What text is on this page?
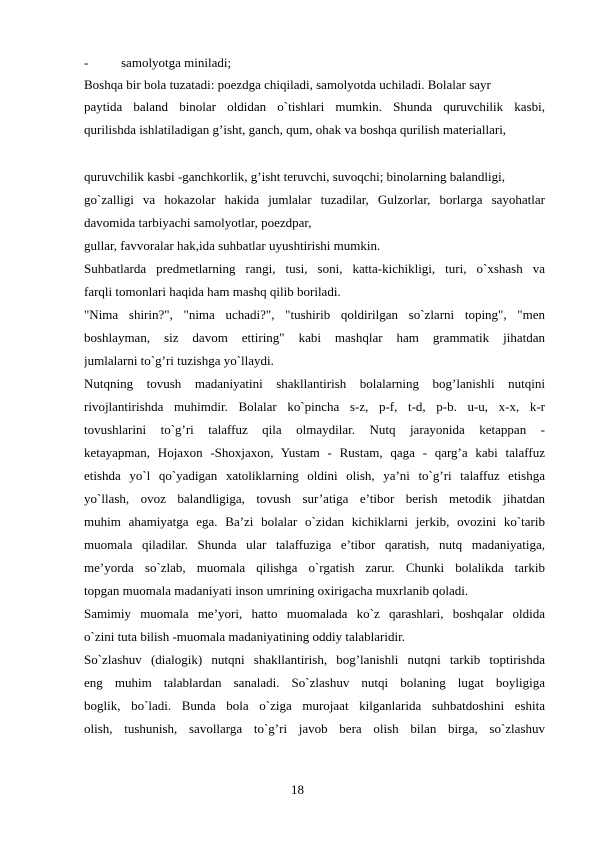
-	samolyotga miniladi;
Boshqa bir bola tuzatadi: poezdga chiqiladi, samolyotda uchiladi. Bolalar sayr
paytida baland binolar oldidan o`tishlari mumkin. Shunda quruvchilik kasbi,
qurilishda ishlatiladigan g’isht, ganch, qum, ohak va boshqa qurilish materiallari,
quruvchilik kasbi -ganchkorlik, g’isht teruvchi, suvoqchi; binolarning balandligi,
go`zalligi va hokazolar hakida jumlalar tuzadilar, Gulzorlar, borlarga sayohatlar
davomida tarbiyachi samolyotlar, poezdpar,
gullar, favvoralar hak,ida suhbatlar uyushtirishi mumkin.
Suhbatlarda predmetlarning rangi, tusi, soni, katta-kichikligi, turi, o`xshash va
farqli tomonlari haqida ham mashq qilib boriladi.
"Nima shirin?", "nima uchadi?", "tushirib qoldirilgan so`zlarni toping", "men
boshlayman, siz davom ettiring" kabi mashqlar ham grammatik jihatdan
jumlalarni to`g’ri tuzishga yo`llaydi.
Nutqning tovush madaniyatini shakllantirish bolalarning bog’lanishli nutqini
rivojlantirishda muhimdir. Bolalar ko`pincha s-z, p-f, t-d, p-b. u-u, x-x, k-r
tovushlarini to`g’ri talaffuz qila olmaydilar. Nutq jarayonida ketappan -
ketayapman, Hojaxon -Shoxjaxon, Yustam - Rustam, qaga - qarg’a kabi talaffuz
etishda yo`l qo`yadigan xatoliklarning oldini olish, ya’ni to`g’ri talaffuz etishga
yo`llash, ovoz balandligiga, tovush sur’atiga e’tibor berish metodik jihatdan
muhim ahamiyatga ega. Ba’zi bolalar o`zidan kichiklarni jerkib, ovozini ko`tarib
muomala qiladilar. Shunda ular talaffuziga e’tibor qaratish, nutq madaniyatiga,
me’yorda so`zlab, muomala qilishga o`rgatish zarur. Chunki bolalikda tarkib
topgan muomala madaniyati inson umrining oxirigacha muxrlanib qoladi.
Samimiy muomala me’yori, hatto muomalada ko`z qarashlari, boshqalar oldida
o`zini tuta bilish -muomala madaniyatining oddiy talablaridir.
So`zlashuv (dialogik) nutqni shakllantirish, bog’lanishli nutqni tarkib toptirishda
eng muhim talablardan sanaladi. So`zlashuv nutqi bolaning lugat boyligiga
boglik, bo`ladi. Bunda bola o`ziga murojaat kilganlarida suhbatdoshini eshita
olish, tushunish, savollarga to`g’ri javob bera olish bilan birga, so`zlashuv
18
